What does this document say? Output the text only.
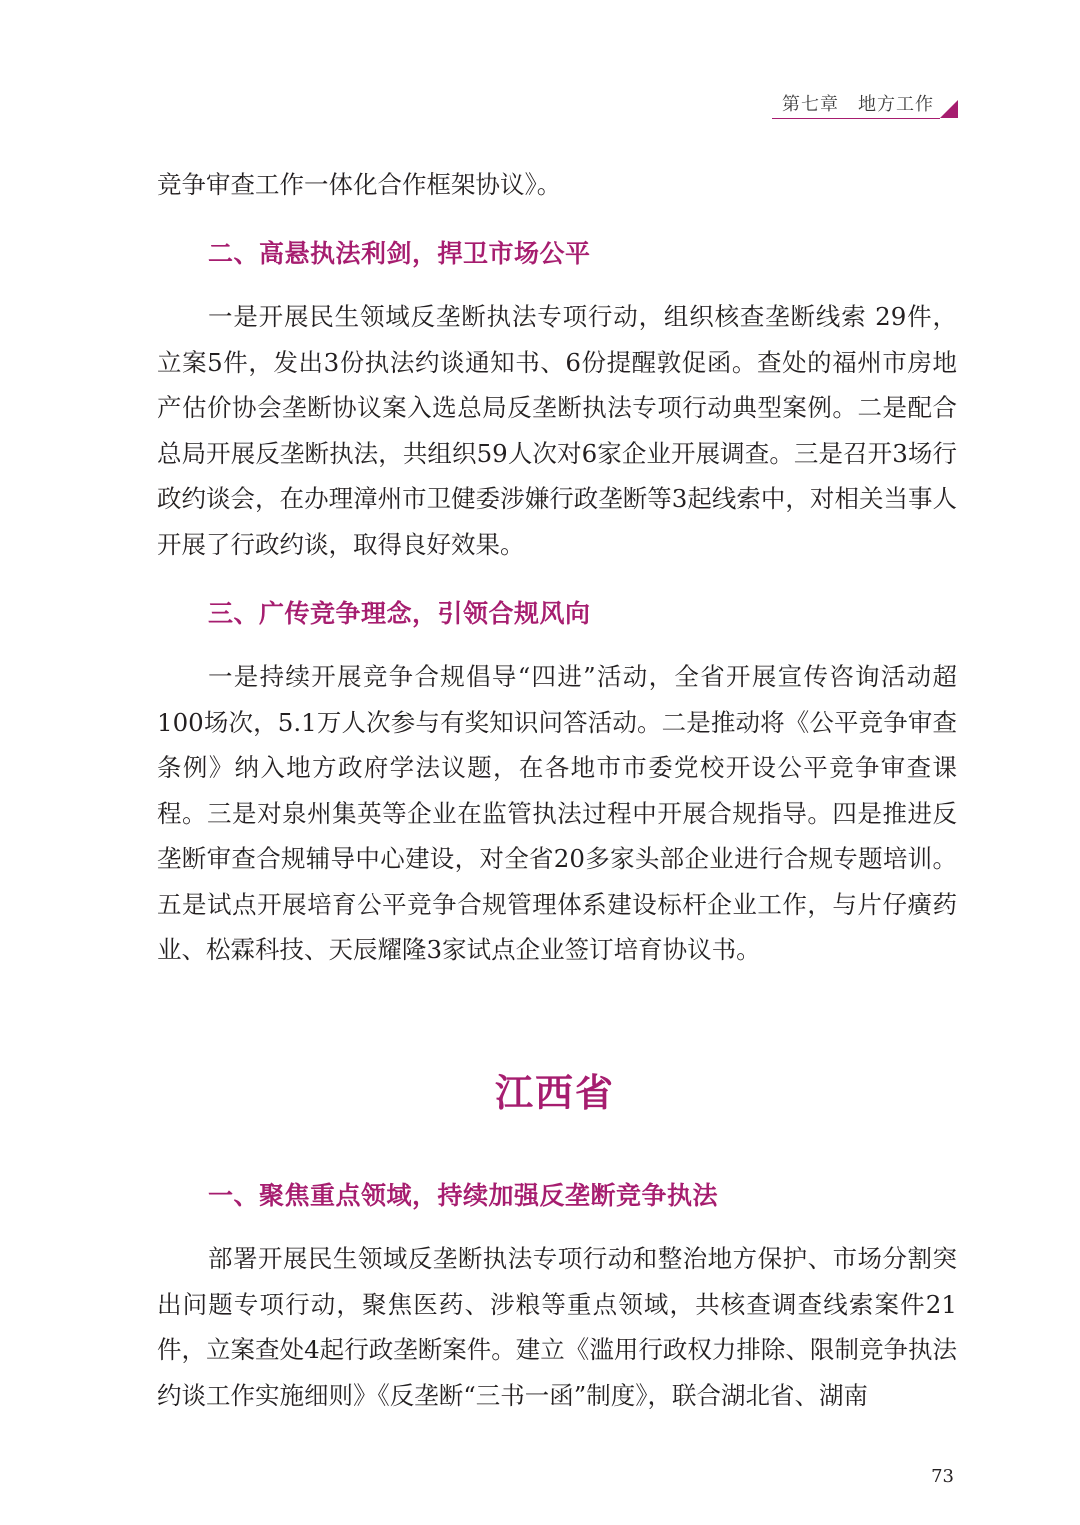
第七章　地方工作

竞争审查工作一体化合作框架协议》。

二、高悬执法利剑，捍卫市场公平

一是开展民生领域反垄断执法专项行动，组织核查垄断线索 29件，立案5件，发出3份执法约谈通知书、6份提醒敦促函。查处的福州市房地产估价协会垄断协议案入选总局反垄断执法专项行动典型案例。二是配合总局开展反垄断执法，共组织59人次对6家企业开展调查。三是召开3场行政约谈会，在办理漳州市卫健委涉嫌行政垄断等3起线索中，对相关当事人开展了行政约谈，取得良好效果。

三、广传竞争理念，引领合规风向

一是持续开展竞争合规倡导“四进”活动，全省开展宣传咨询活动超100场次，5.1万人次参与有奖知识问答活动。二是推动将《公平竞争审查条例》纳入地方政府学法议题，在各地市市委党校开设公平竞争审查课程。三是对泉州集英等企业在监管执法过程中开展合规指导。四是推进反垄断审查合规辅导中心建设，对全省20多家头部企业进行合规专题培训。五是试点开展培育公平竞争合规管理体系建设标杆企业工作，与片仔癀药业、松霖科技、天辰耀隆3家试点企业签订培育协议书。

江西省
一、聚焦重点领域，持续加强反垄断竞争执法

部署开展民生领域反垄断执法专项行动和整治地方保护、市场分割突出问题专项行动，聚焦医药、涉粮等重点领域，共核查调查线索案件21件，立案查处4起行政垄断案件。建立《滥用行政权力排除、限制竞争执法约谈工作实施细则》《反垄断“三书一函”制度》，联合湖北省、湖南

73
